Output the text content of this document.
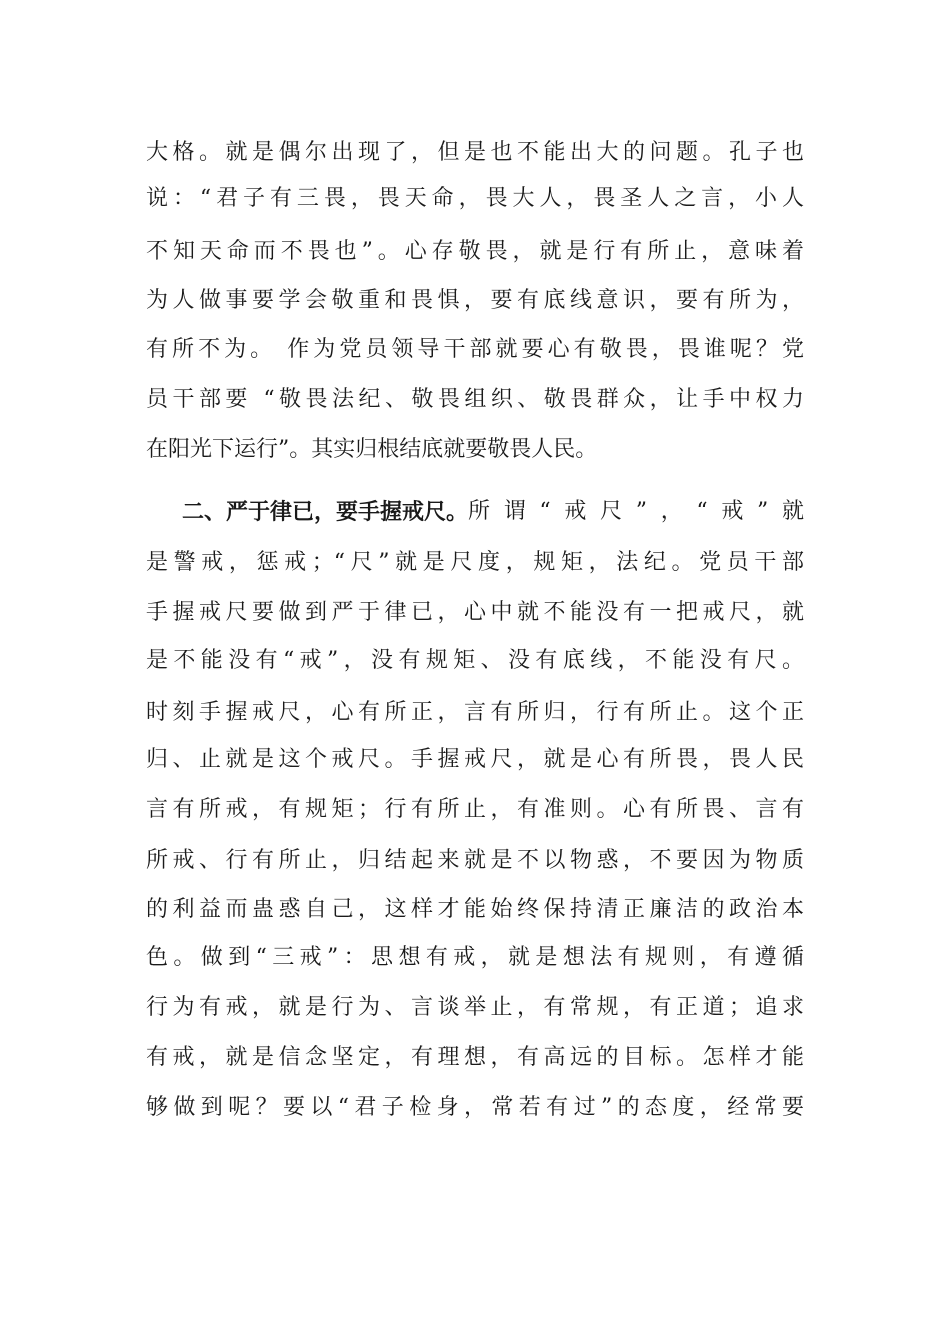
大格。就是偶尔出现了，但是也不能出大的问题。孔子也
说：“君子有三畏，畏天命，畏大人，畏圣人之言，小人
不知天命而不畏也”。心存敬畏，就是行有所止，意味着
为人做事要学会敬重和畏惧，要有底线意识，要有所为，
有所不为。 作为党员领导干部就要心有敬畏，畏谁呢？党
员干部要 “敬畏法纪、敬畏组织、敬畏群众，让手中权力
在阳光下运行”。其实归根结底就要敬畏人民。
二、严于律已，要手握戒尺。 所谓“戒尺”，“戒”就
是警戒，惩戒；“尺”就是尺度，规矩，法纪。党员干部
手握戒尺要做到严于律已，心中就不能没有一把戒尺，就
是不能没有“戒”，没有规矩、没有底线，不能没有尺。
时刻手握戒尺，心有所正，言有所归，行有所止。这个正
归、止就是这个戒尺。手握戒尺，就是心有所畏，畏人民
言有所戒，有规矩；行有所止，有准则。心有所畏、言有
所戒、行有所止，归结起来就是不以物惑，不要因为物质
的利益而蛊惑自己，这样才能始终保持清正廉洁的政治本
色。做到“三戒”：思想有戒，就是想法有规则，有遵循
行为有戒，就是行为、言谈举止，有常规，有正道；追求
有戒，就是信念坚定，有理想，有高远的目标。怎样才能
够做到呢？要以“君子检身，常若有过”的态度，经常要
